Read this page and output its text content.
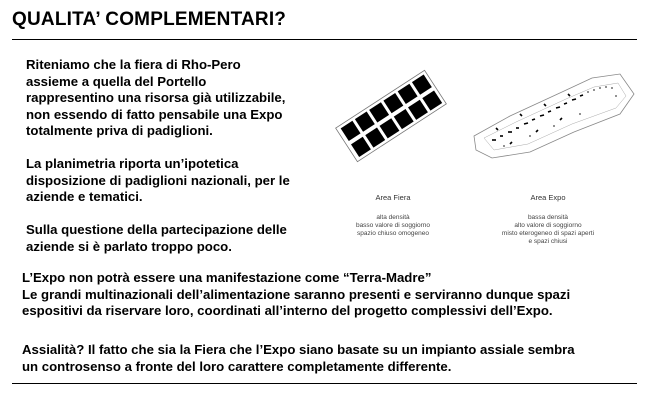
QUALITA’ COMPLEMENTARI?

Riteniamo che la fiera di Rho-Pero
assieme a quella del Portello
rappresentino una risorsa già utilizzabile,
non essendo di fatto pensabile una Expo
totalmente priva di padiglioni.

La planimetria riporta un’ipotetica
disposizione di padiglioni nazionali, per le
aziende e tematici.

Sulla questione della partecipazione delle
aziende si è parlato troppo poco.

Area Fiera

alta densità
basso valore di soggiorno
spazio chiuso omogeneo

Area Expo

bassa densità
alto valore di soggiorno
misto eterogeneo di spazi aperti
e spazi chiusi

L’Expo non potrà essere una manifestazione come “Terra-Madre”
Le grandi multinazionali dell’alimentazione saranno presenti e serviranno dunque spazi
espositivi da riservare loro, coordinati all’interno del progetto complessivi dell’Expo.

Assialità? Il fatto che sia la Fiera che l’Expo siano basate su un impianto assiale sembra
un controsenso a fronte del loro carattere completamente differente.
